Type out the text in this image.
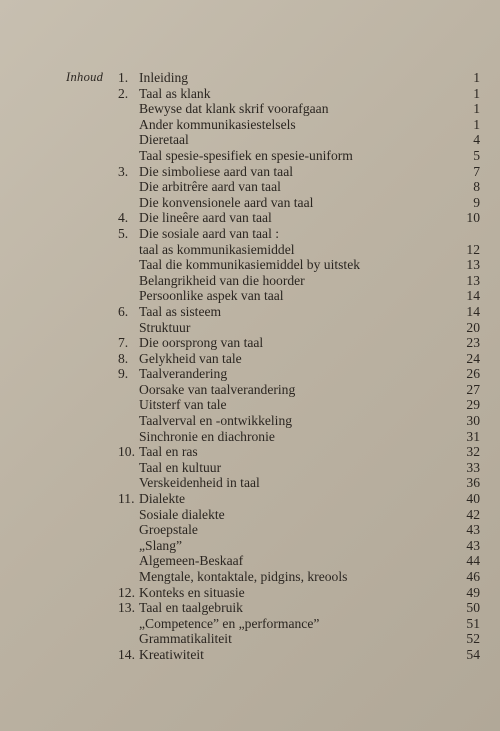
Inhoud 1. Inleiding	1
2. Taal as klank	1
Bewyse dat klank skrif voorafgaan	1
Ander kommunikasiestelsels	1
Dieretaal	4
Taal spesie-spesifiek en spesie-uniform	5
3. Die simboliese aard van taal	7
Die arbitrêre aard van taal	8
Die konvensionele aard van taal	9
4. Die lineêre aard van taal	10
5. Die sosiale aard van taal :
taal as kommunikasiemiddel	12
Taal die kommunikasiemiddel by uitstek	13
Belangrikheid van die hoorder	13
Persoonlike aspek van taal	14
6. Taal as sisteem	14
Struktuur	20
7. Die oorsprong van taal	23
8. Gelykheid van tale	24
9. Taalverandering	26
Oorsake van taalverandering	27
Uitsterf van tale	29
Taalverval en -ontwikkeling	30
Sinchronie en diachronie	31
10. Taal en ras	32
Taal en kultuur	33
Verskeidenheid in taal	36
11. Dialekte	40
Sosiale dialekte	42
Groepstale	43
„Slang”	43
Algemeen-Beskaaf	44
Mengtale, kontaktale, pidgins, kreools	46
12. Konteks en situasie	49
13. Taal en taalgebruik	50
„Competence” en „performance”	51
Grammatikaliteit	52
14. Kreatiwiteit	54
